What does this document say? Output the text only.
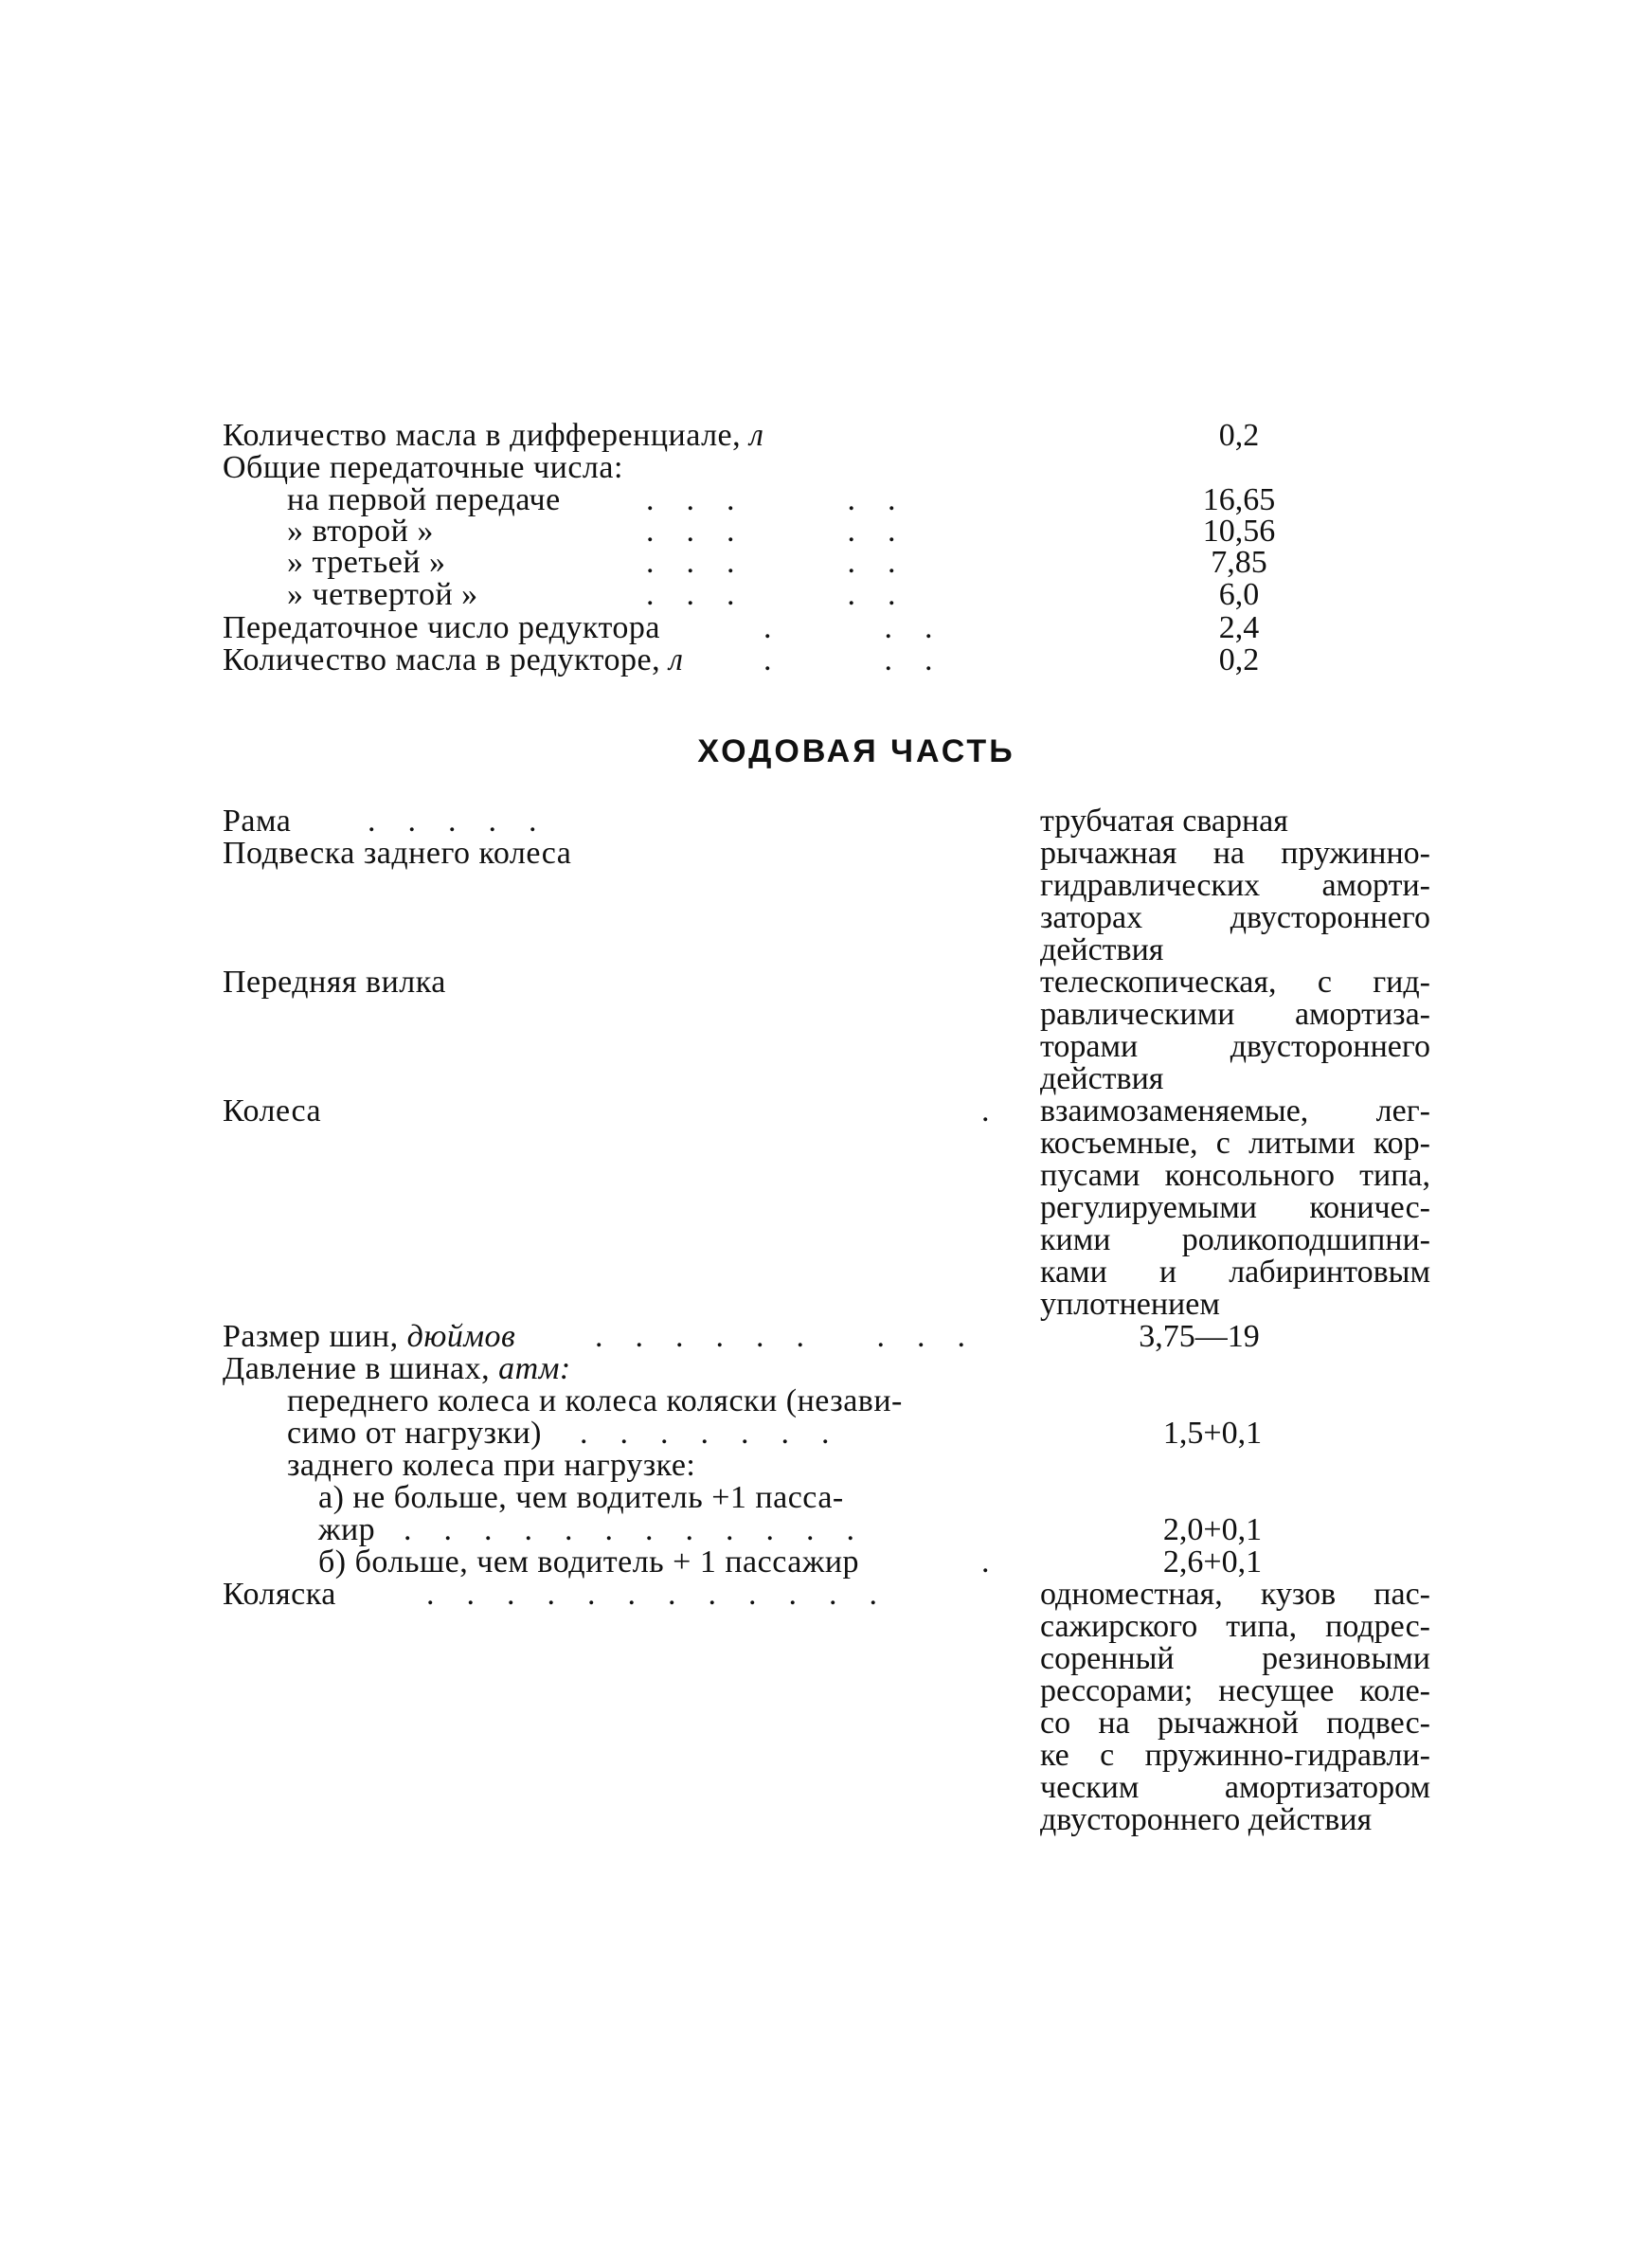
Количество масла в дифференциале, л	0,2
Общие передаточные числа:
на первой передаче	.    .    .              .    .	16,65
» второй »	.    .    .              .    .	10,56
» третьей »	.    .    .              .    .	7,85
» четвертой »	.    .    .              .    .	6,0
Передаточное число редуктора	.              .    .	2,4
Количество масла в редукторе, л .              .    .	0,2
ХОДОВАЯ ЧАСТЬ
Рама .    .    .    .    .	трубчатая сварная
Подвеска заднего колеса	рычажная на пружинно-
гидравлических аморти-
заторах двустороннего
действия
Передняя вилка	телескопическая, с гид-
равлическими амортиза-
торами двустороннего
действия
Колеса	. взаимозаменяемые, лег-
косъемные, с литыми кор-
пусами консольного типа,
регулируемыми коничес-
кими роликоподшипни-
ками и лабиринтовым
уплотнением
Размер шин, дюймов .    .    .    .    .    .         .    .    .	3,75—19
Давление в шинах, атм:
переднего колеса и колеса коляски (незави-
симо от нагрузки) .    .    .    .    .    .    .	1,5+0,1
заднего колеса при нагрузке:
а) не больше, чем водитель +1 пасса-
жир .    .    .    .    .    .    .    .    .    .    .    .	2,0+0,1
б) больше, чем водитель + 1 пассажир	.	2,6+0,1
Коляска	.    .    .    .    .    .    .    .    .    .    .    .	одноместная, кузов пас-
сажирского типа, подрес-
соренный резиновыми
рессорами; несущее коле-
со на рычажной подвес-
ке с пружинно-гидравли-
ческим амортизатором
двустороннего действия
